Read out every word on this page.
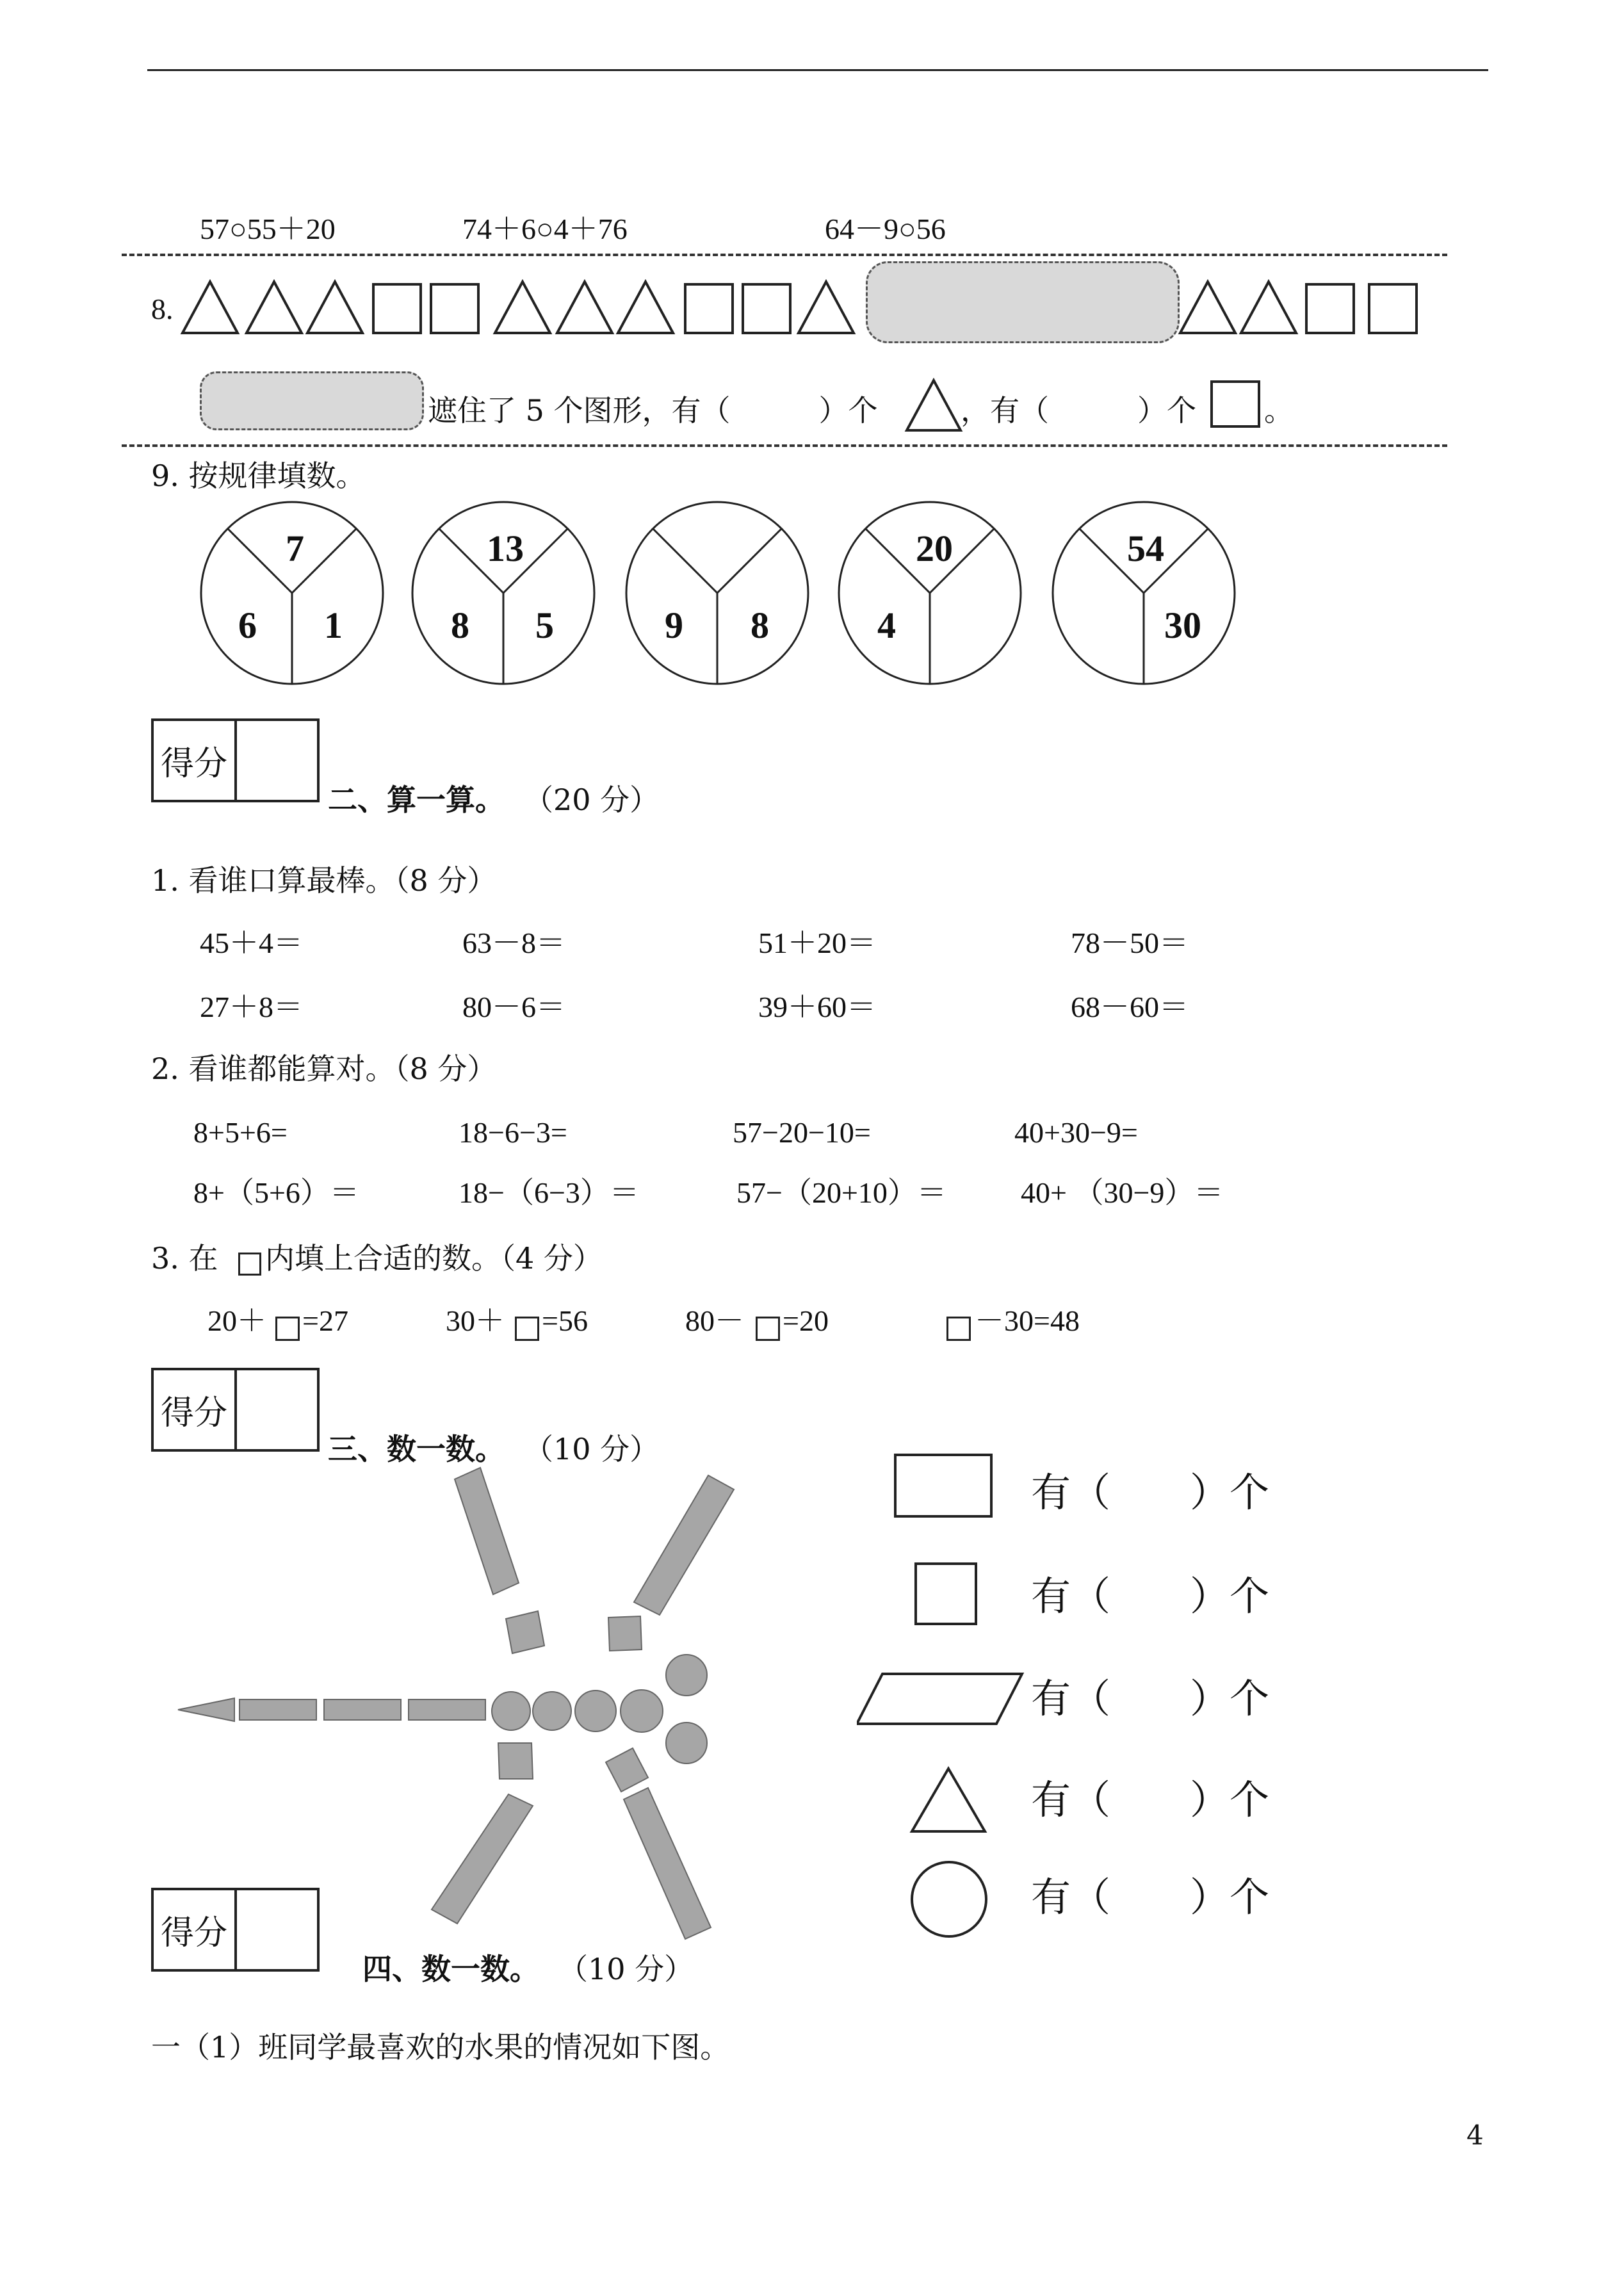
57○55＋20	74＋6○4＋76	64－9○56
8.
遮住了 5 个图形，有（　　　）个	，有（　　　）个 。
9. 按规律填数。
7
6 1
13
8 5	9 8
20
4
54
30
得分
二、算一算。 （20 分）
1. 看谁口算最棒。（8 分）
45＋4＝	63－8＝	51＋20＝	78－50＝
27＋8＝	80－6＝	39＋60＝	68－60＝
2. 看谁都能算对。（8 分）
8+5+6=	18−6−3=	57−20−10=	40+30−9=
8+（5+6）＝	18−（6−3）＝	57−（20+10）＝	40+ （30−9）＝
3. 在 内填上合适的数。（4 分）
20＋ =27	30＋ =56	80－ =20	－30=48
得分
三、数一数。 （10 分）
有（　　）个
有（　　）个
有（　　）个
有（　　）个
有（　　）个
得分
四、数一数。 （10 分）
一（1）班同学最喜欢的水果的情况如下图。
4
